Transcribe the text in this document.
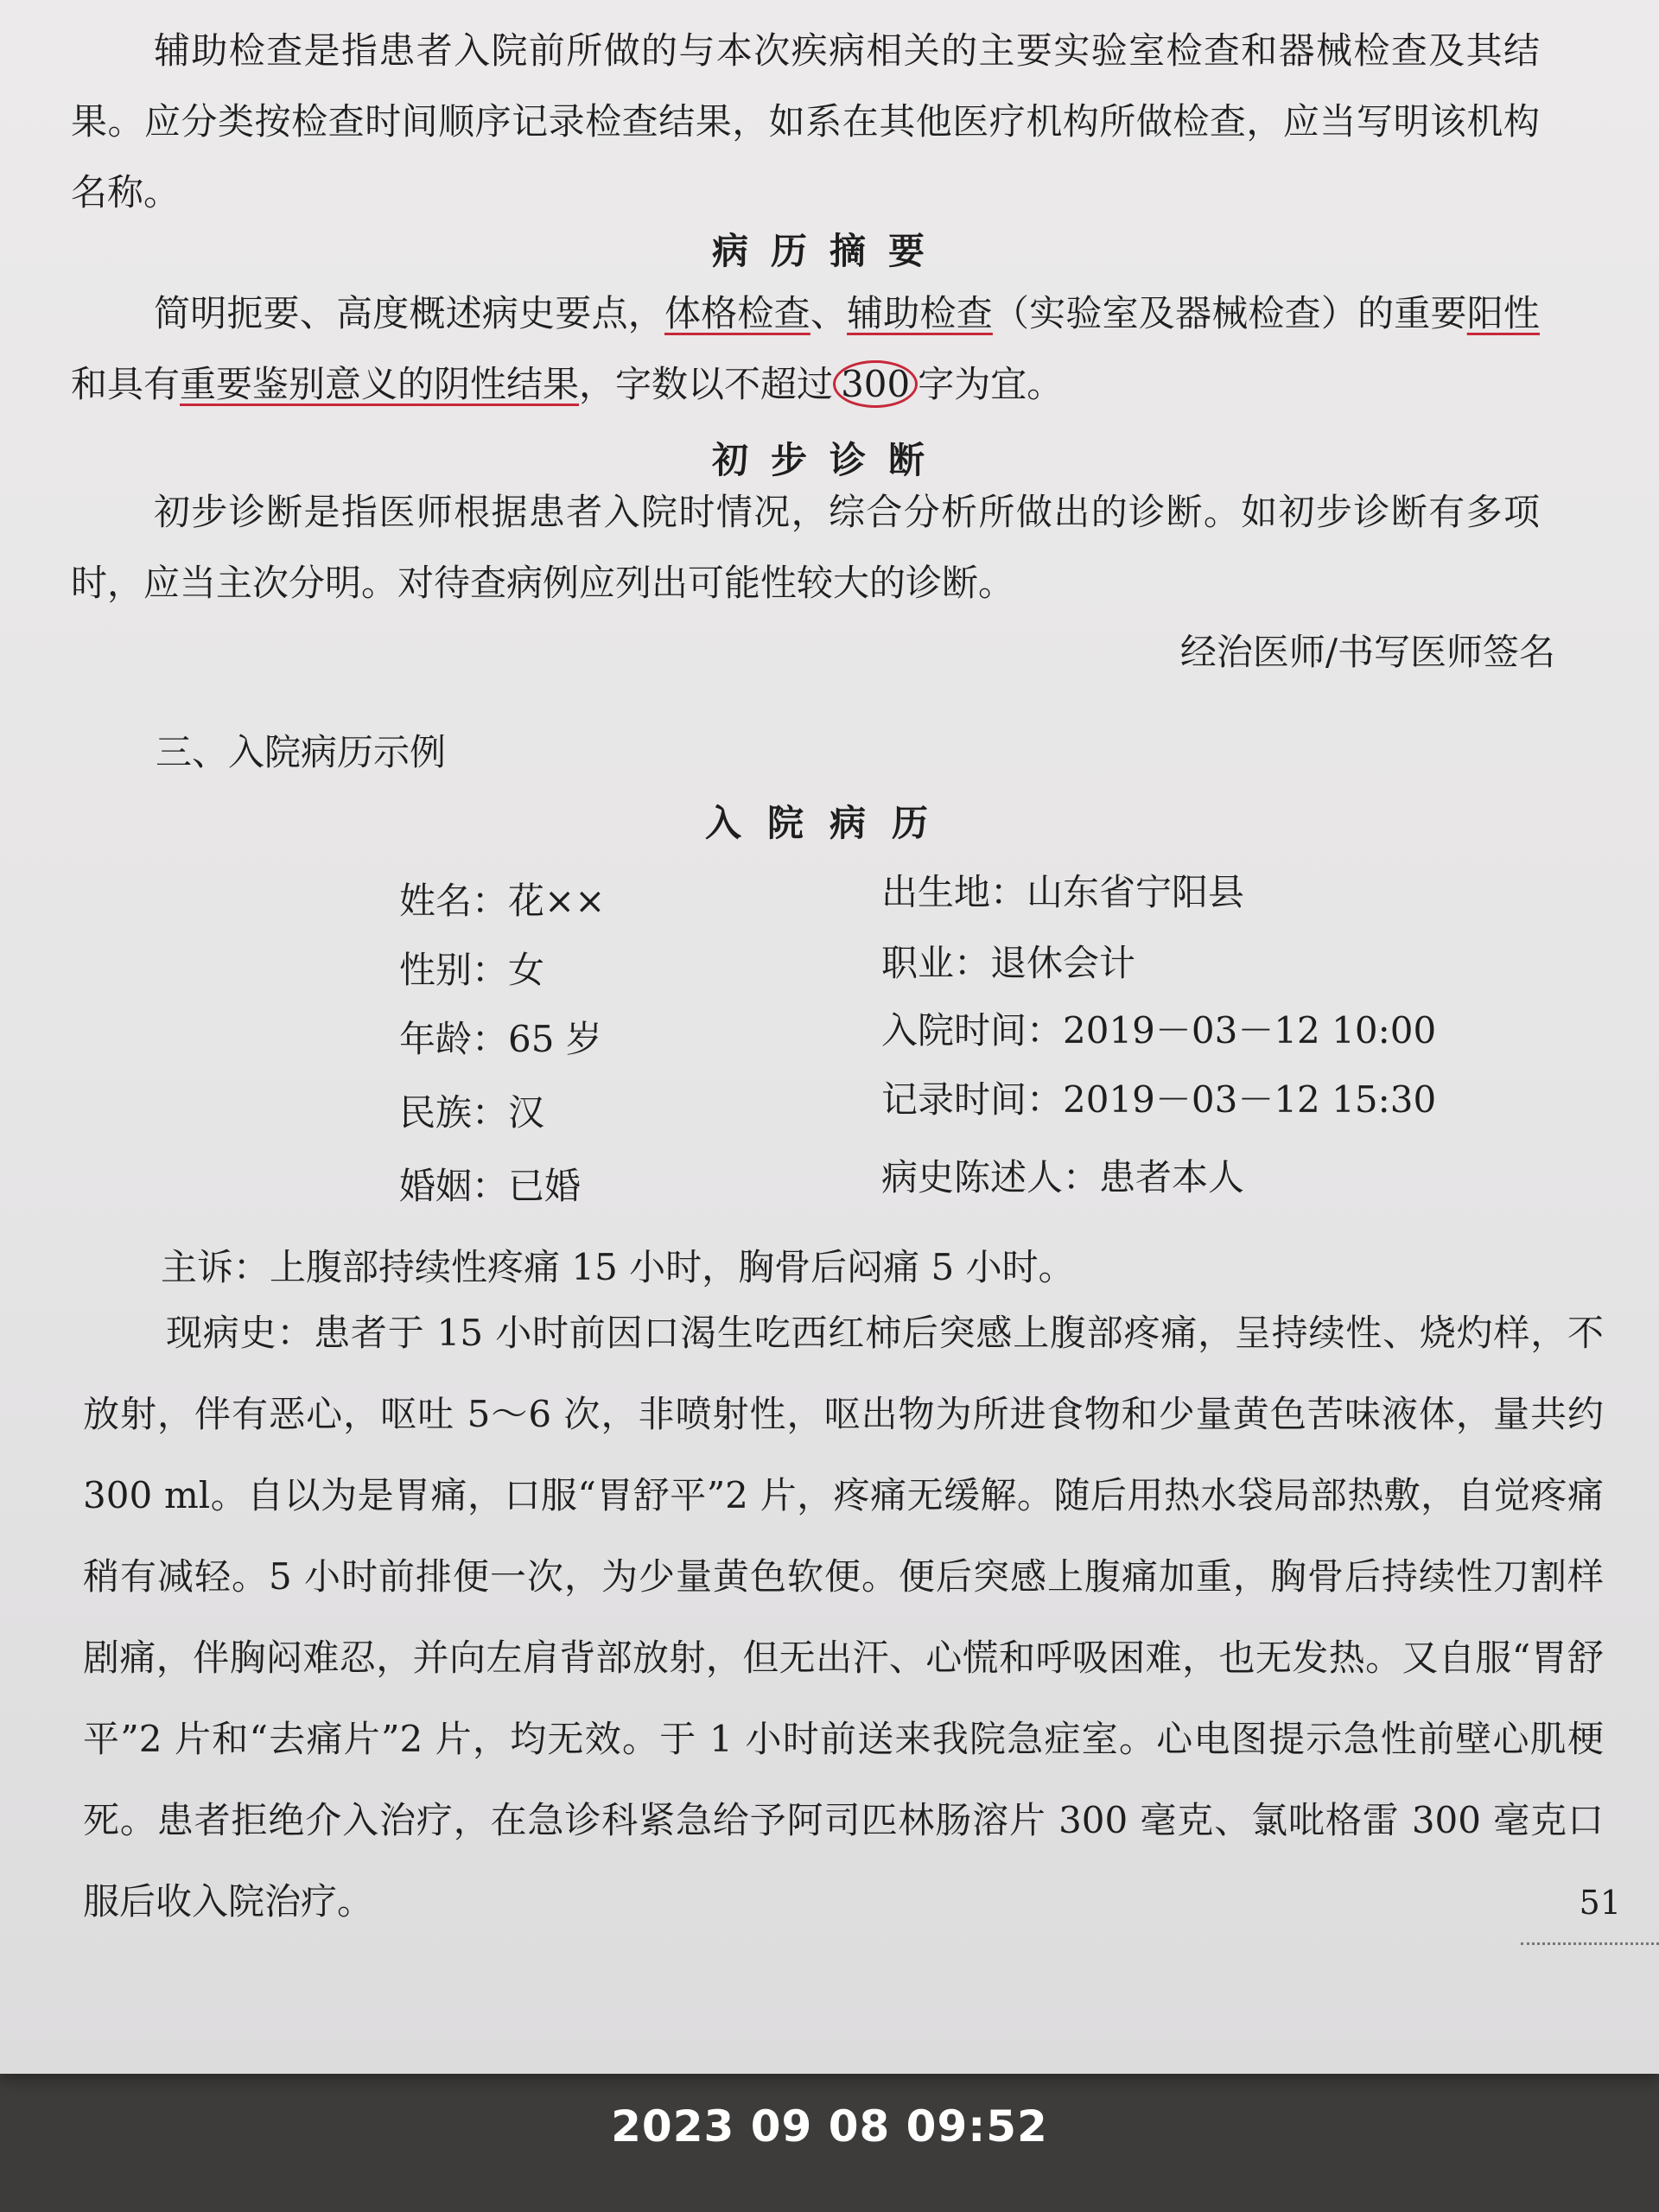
辅助检查是指患者入院前所做的与本次疾病相关的主要实验室检查和器械检查及其结果。应分类按检查时间顺序记录检查结果，如系在其他医疗机构所做检查，应当写明该机构名称。

病历摘要

简明扼要、高度概述病史要点，体格检查、辅助检查（实验室及器械检查）的重要阳性和具有重要鉴别意义的阴性结果，字数以不超过 300 字为宜。

初步诊断

初步诊断是指医师根据患者入院时情况，综合分析所做出的诊断。如初步诊断有多项时，应当主次分明。对待查病例应列出可能性较大的诊断。

经治医师/书写医师签名

三、入院病历示例

入院病历

姓名：花××

性别：女

年龄：65 岁

民族：汉

婚姻：已婚

出生地：山东省宁阳县

职业：退休会计

入院时间：2019－03－12 10:00

记录时间：2019－03－12 15:30

病史陈述人：患者本人

主诉：上腹部持续性疼痛 15 小时，胸骨后闷痛 5 小时。

现病史：患者于 15 小时前因口渴生吃西红柿后突感上腹部疼痛，呈持续性、烧灼样，不放射，伴有恶心，呕吐 5～6 次，非喷射性，呕出物为所进食物和少量黄色苦味液体，量共约 300 ml。自以为是胃痛，口服“胃舒平”2 片，疼痛无缓解。随后用热水袋局部热敷，自觉疼痛稍有减轻。5 小时前排便一次，为少量黄色软便。便后突感上腹痛加重，胸骨后持续性刀割样剧痛，伴胸闷难忍，并向左肩背部放射，但无出汗、心慌和呼吸困难，也无发热。又自服“胃舒平”2 片和“去痛片”2 片，均无效。于 1 小时前送来我院急症室。心电图提示急性前壁心肌梗死。患者拒绝介入治疗，在急诊科紧急给予阿司匹林肠溶片 300 毫克、氯吡格雷 300 毫克口服后收入院治疗。	51
2023 09 08 09:52
